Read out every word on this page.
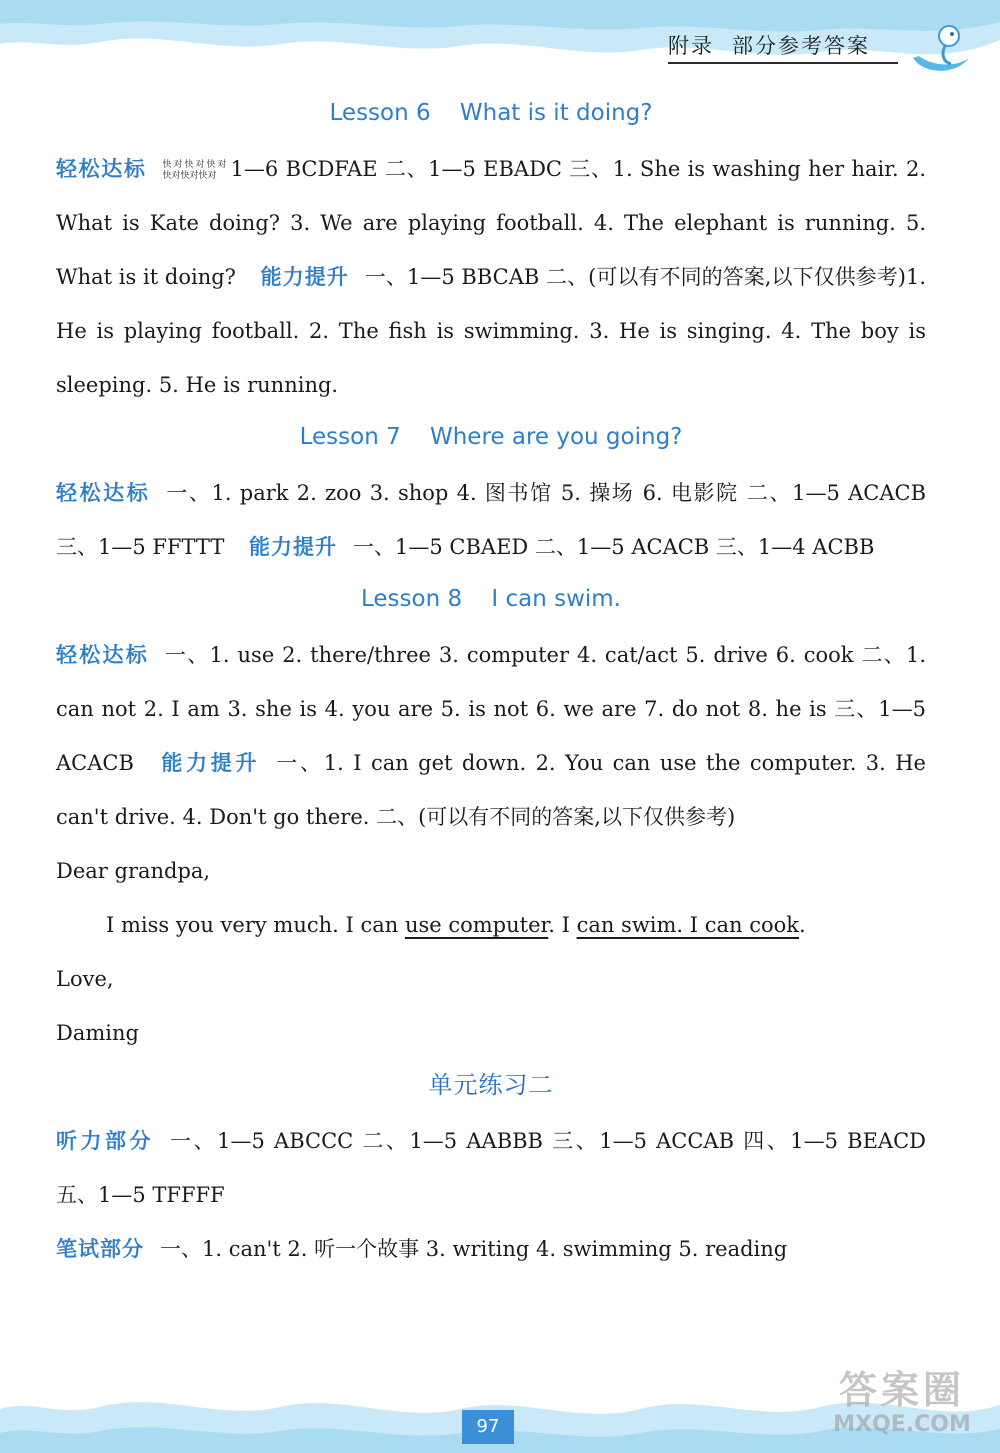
附录 部分参考答案
Lesson 6    What is it doing?
轻松达标 快对快对快对 快对快对快对 1—6 BCDFAE 二、1—5 EBADC 三、1. She is washing her hair. 2. What is Kate doing? 3. We are playing football. 4. The elephant is running. 5. What is it doing? 能力提升 一、1—5 BBCAB 二、(可以有不同的答案,以下仅供参考)1. He is playing football. 2. The fish is swimming. 3. He is singing. 4. The boy is sleeping. 5. He is running.
Lesson 7    Where are you going?
轻松达标 一、1. park 2. zoo 3. shop 4. 图书馆 5. 操场 6. 电影院 二、1—5 ACACB 三、1—5 FFTTT 能力提升 一、1—5 CBAED 二、1—5 ACACB 三、1—4 ACBB
Lesson 8    I can swim.
轻松达标 一、1. use 2. there/three 3. computer 4. cat/act 5. drive 6. cook 二、1. can not 2. I am 3. she is 4. you are 5. is not 6. we are 7. do not 8. he is 三、1—5 ACACB 能力提升 一、1. I can get down. 2. You can use the computer. 3. He can't drive. 4. Don't go there. 二、(可以有不同的答案,以下仅供参考)
Dear grandpa,
I miss you very much. I can use computer. I can swim. I can cook.
Love,
Daming
单元练习二
听力部分 一、1—5 ABCCC 二、1—5 AABBB 三、1—5 ACCAB 四、1—5 BEACD 五、1—5 TFFFF
笔试部分 一、1. can't 2. 听一个故事 3. writing 4. swimming 5. reading
97
答案圈
MXQE.COM
